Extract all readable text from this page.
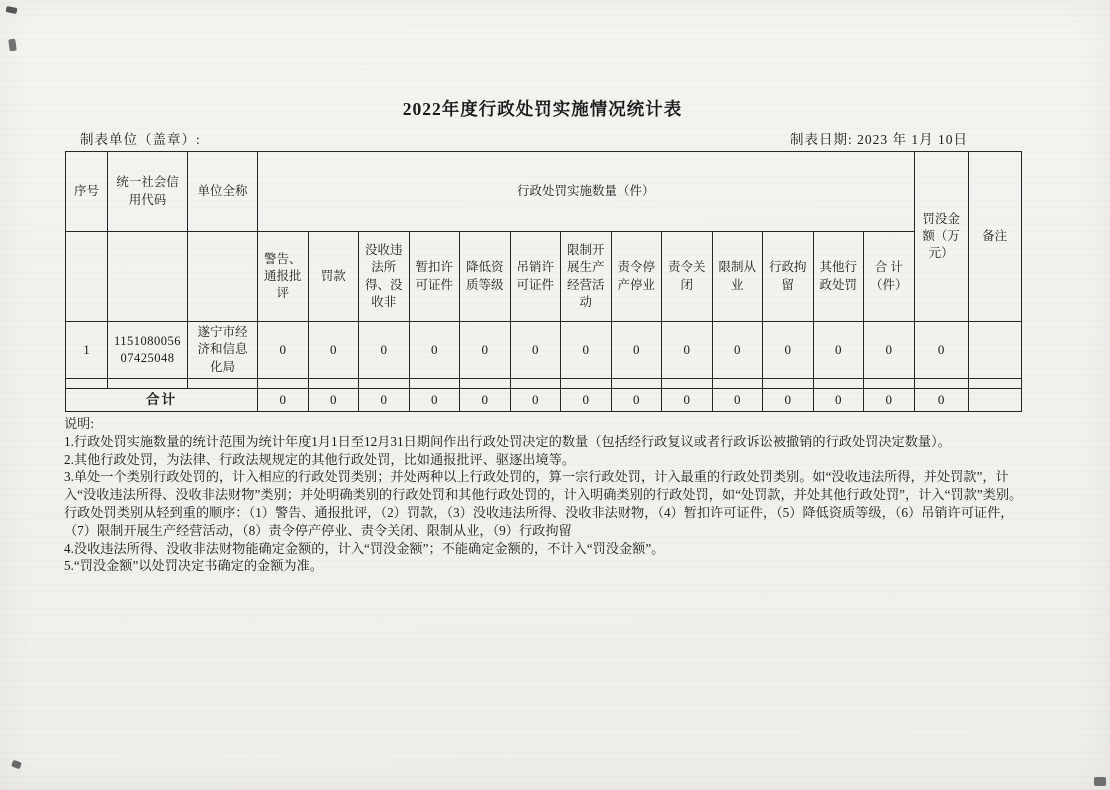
2022年度行政处罚实施情况统计表
制表单位（盖章）:	制表日期: 2023 年 1月 10日
序号	统一社会信用代码	单位全称	行政处罚实施数量（件）													罚没金额（万元）	备注

			警告、通报批评	罚款	没收违法所得、没收非	暂扣许可证件	降低资质等级	吊销许可证件	限制开展生产经营活动	责令停产停业	责令关闭	限制从业	行政拘留	其他行政处罚	合 计（件）		

1	115108005607425048	遂宁市经济和信息化局	0	0	0	0	0	0	0	0	0	0	0	0	0	0	

合计			0	0	0	0	0	0	0	0	0	0	0	0	0	0	
说明:
1.行政处罚实施数量的统计范围为统计年度1月1日至12月31日期间作出行政处罚决定的数量（包括经行政复议或者行政诉讼被撤销的行政处罚决定数量）。
2.其他行政处罚，为法律、行政法规规定的其他行政处罚，比如通报批评、驱逐出境等。
3.单处一个类别行政处罚的，计入相应的行政处罚类别；并处两种以上行政处罚的，算一宗行政处罚，计入最重的行政处罚类别。如“没收违法所得，并处罚款”，计入“没收违法所得、没收非法财物”类别；并处明确类别的行政处罚和其他行政处罚的，计入明确类别的行政处罚，如“处罚款，并处其他行政处罚”，计入“罚款”类别。行政处罚类别从轻到重的顺序：（1）警告、通报批评，（2）罚款，（3）没收违法所得、没收非法财物，（4）暂扣许可证件，（5）降低资质等级，（6）吊销许可证件，（7）限制开展生产经营活动，（8）责令停产停业、责令关闭、限制从业，（9）行政拘留
4.没收违法所得、没收非法财物能确定金额的，计入“罚没金额”；不能确定金额的，不计入“罚没金额”。
5.“罚没金额”以处罚决定书确定的金额为准。
